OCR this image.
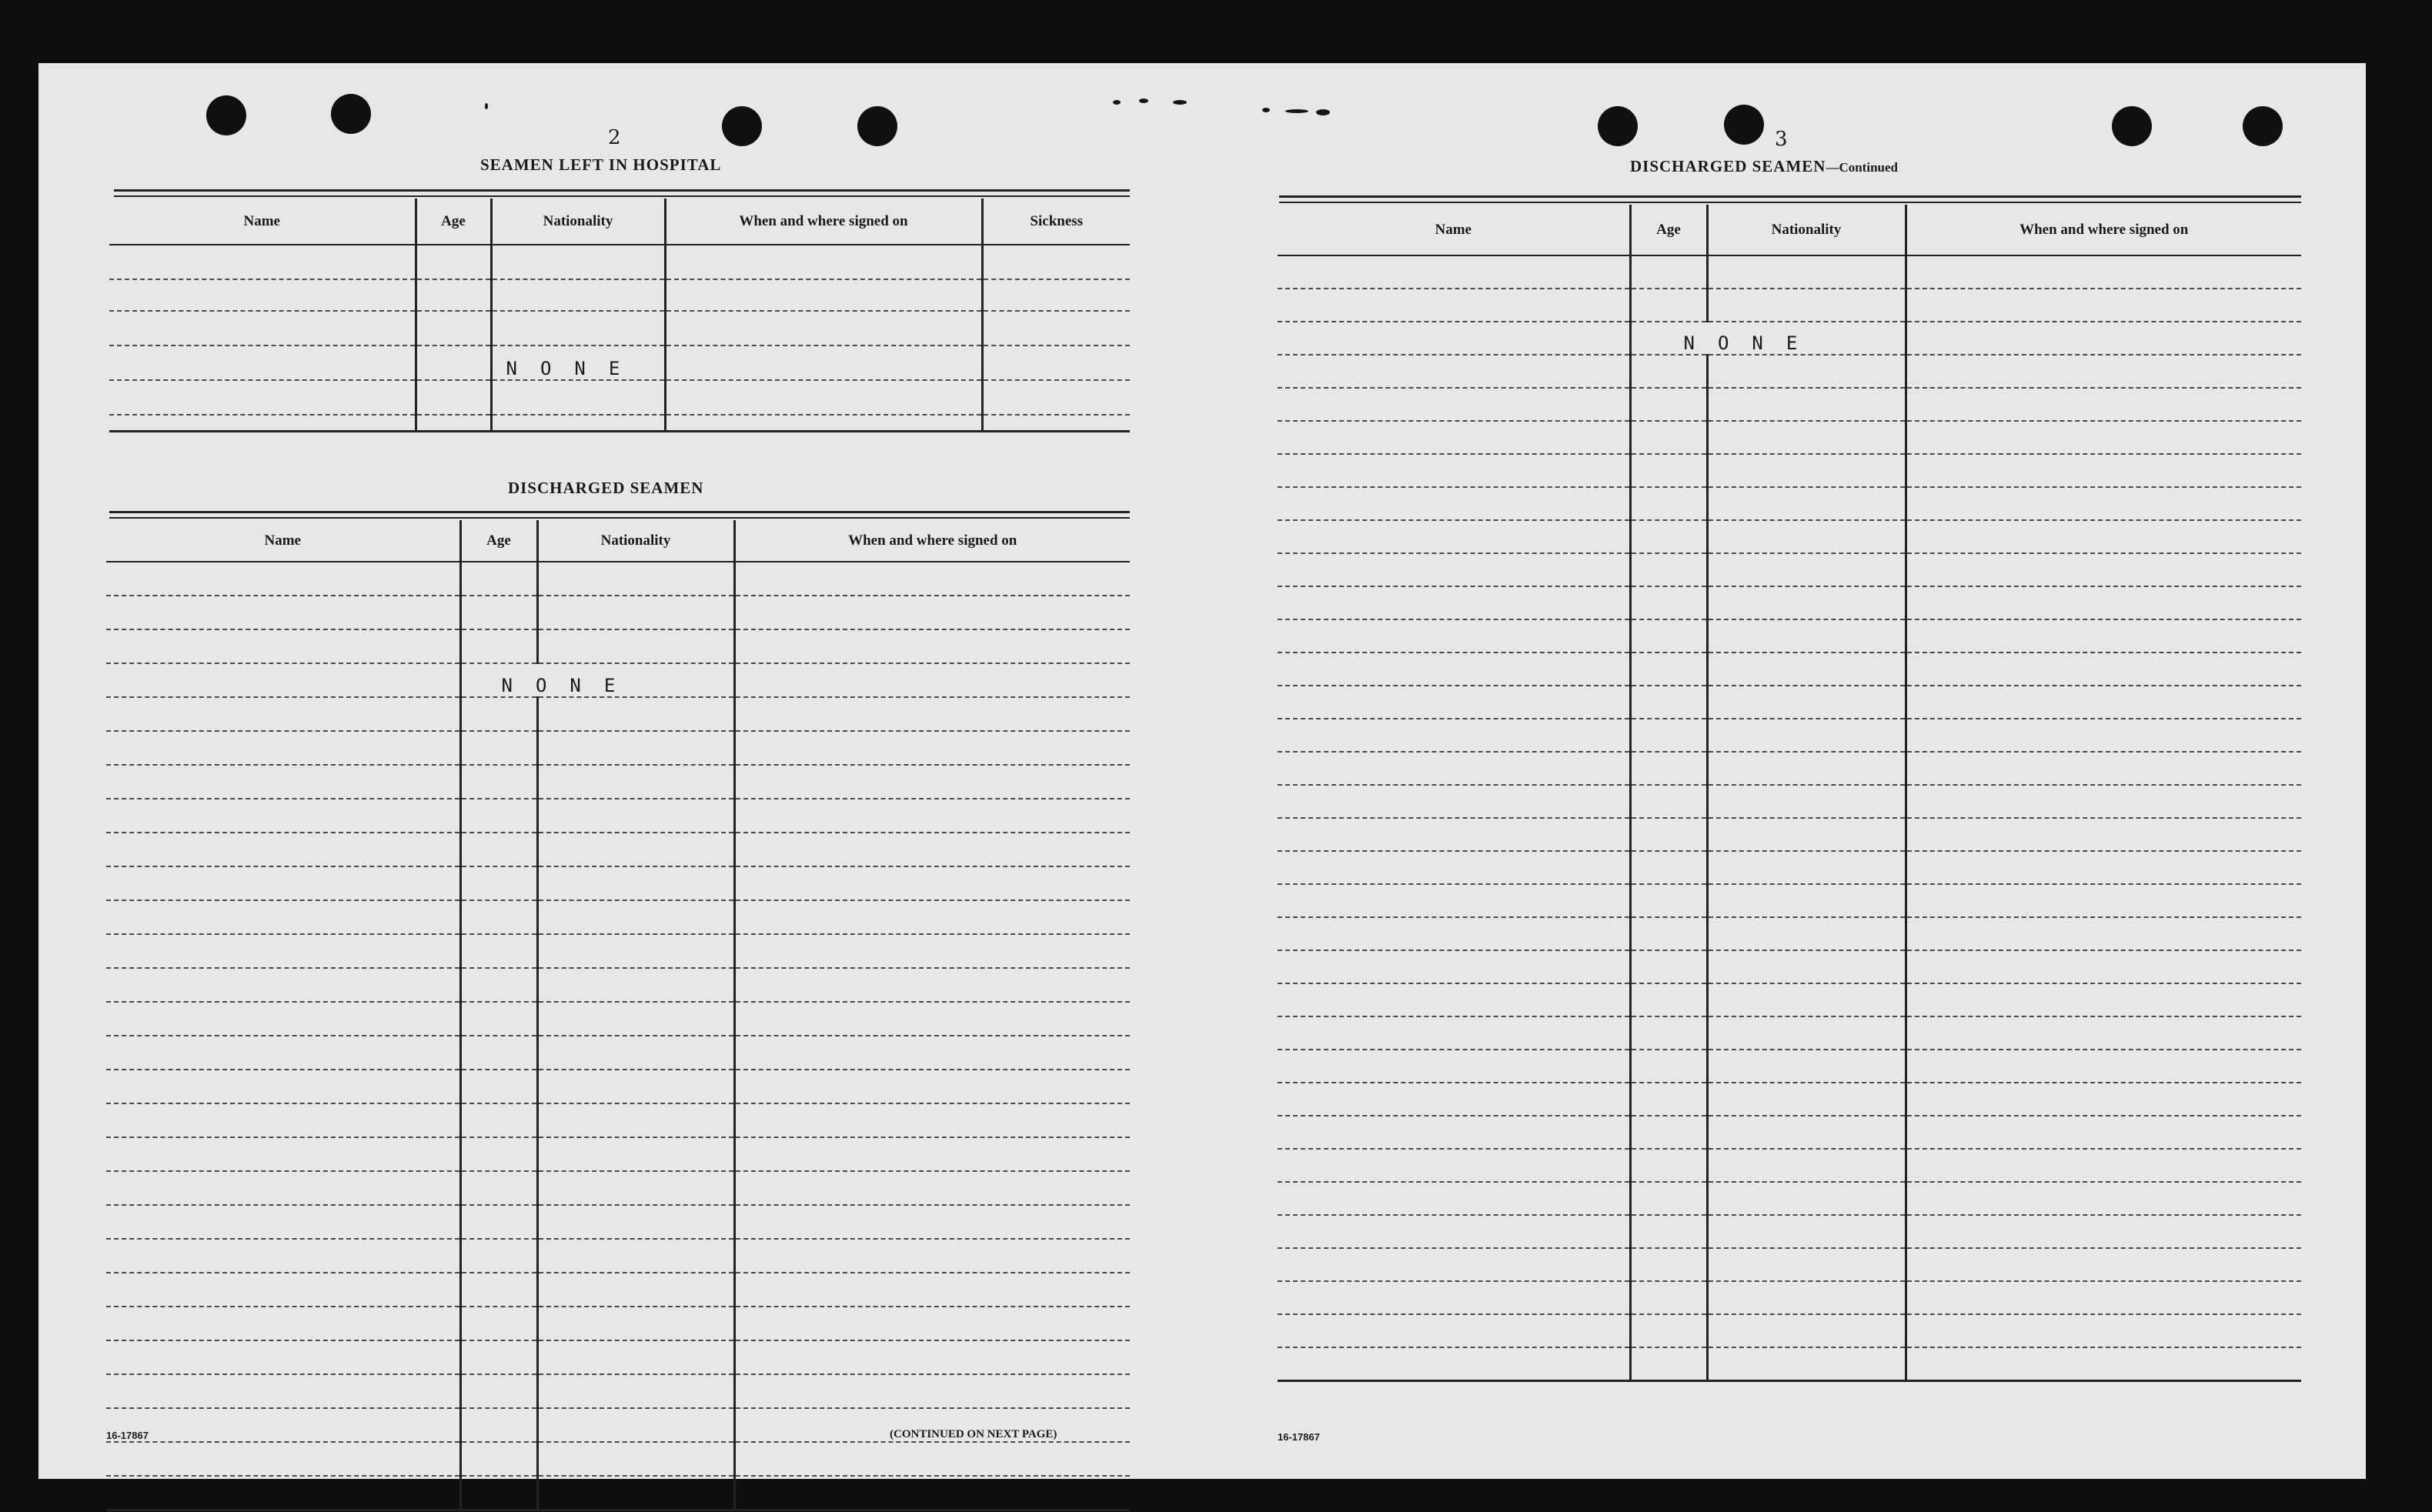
2
SEAMEN LEFT IN HOSPITAL
Name	Age	Nationality	When and where signed on	Sickness

		NONE		

DISCHARGED SEAMEN
Name	Age	Nationality	When and where signed on

	NONE		

16-17867	(CONTINUED ON NEXT PAGE)
3
DISCHARGED SEAMEN—Continued
Name	Age	Nationality	When and where signed on

	NONE		

16-17867
